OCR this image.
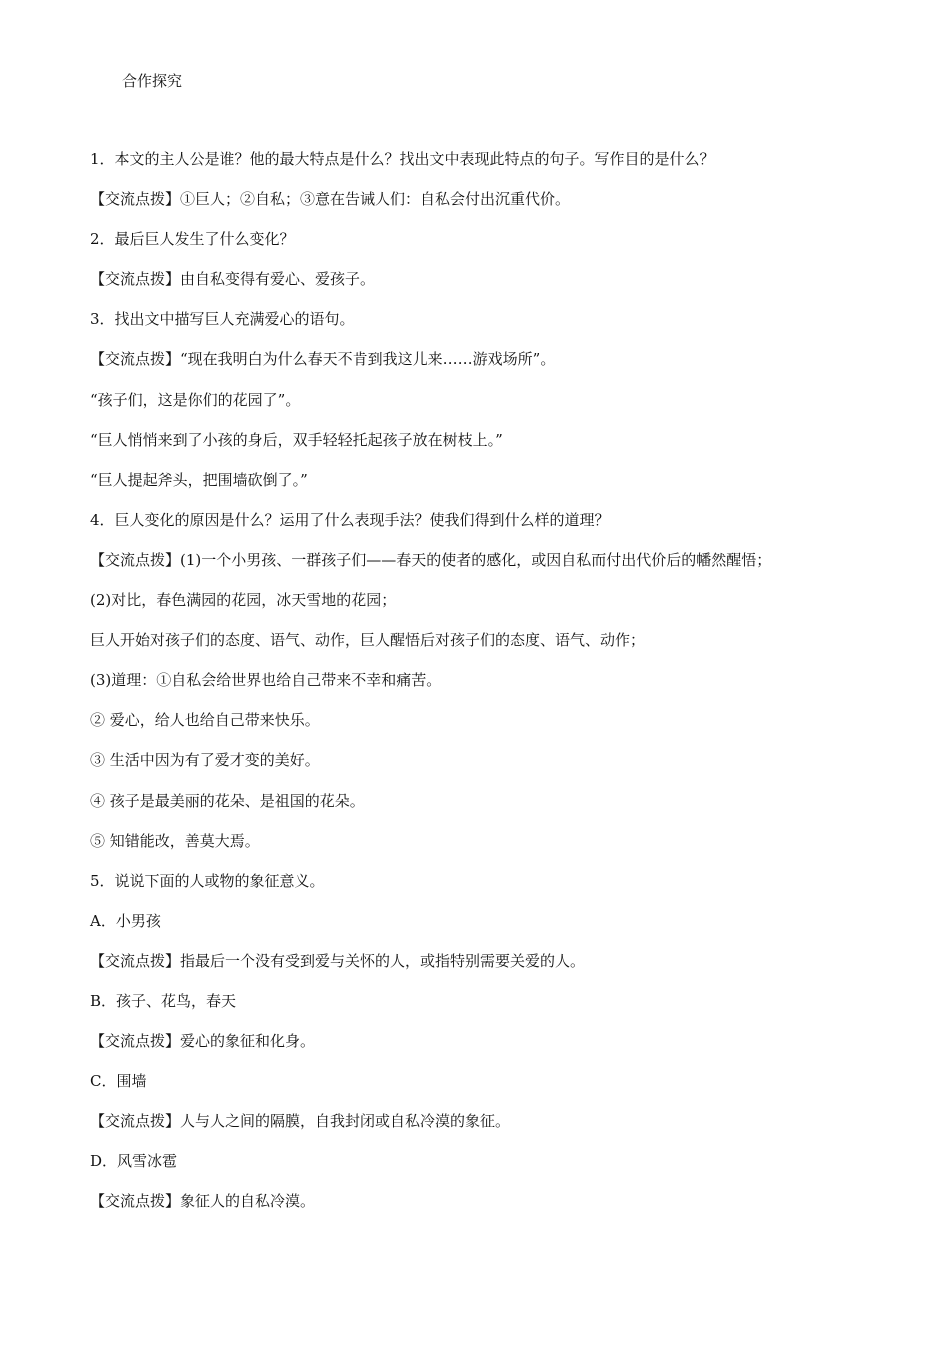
合作探究

1．本文的主人公是谁？他的最大特点是什么？找出文中表现此特点的句子。写作目的是什么？

【交流点拨】①巨人；②自私；③意在告诫人们：自私会付出沉重代价。

2．最后巨人发生了什么变化？

【交流点拨】由自私变得有爱心、爱孩子。

3．找出文中描写巨人充满爱心的语句。

【交流点拨】“现在我明白为什么春天不肯到我这儿来……游戏场所”。

“孩子们，这是你们的花园了”。

“巨人悄悄来到了小孩的身后，双手轻轻托起孩子放在树枝上。”

“巨人提起斧头，把围墙砍倒了。”

4．巨人变化的原因是什么？运用了什么表现手法？使我们得到什么样的道理？

【交流点拨】(1)一个小男孩、一群孩子们——春天的使者的感化，或因自私而付出代价后的幡然醒悟；

(2)对比，春色满园的花园，冰天雪地的花园；

巨人开始对孩子们的态度、语气、动作，巨人醒悟后对孩子们的态度、语气、动作；

(3)道理：①自私会给世界也给自己带来不幸和痛苦。

② 爱心，给人也给自己带来快乐。

③ 生活中因为有了爱才变的美好。

④ 孩子是最美丽的花朵、是祖国的花朵。

⑤ 知错能改，善莫大焉。

5．说说下面的人或物的象征意义。

A．小男孩

【交流点拨】指最后一个没有受到爱与关怀的人，或指特别需要关爱的人。

B．孩子、花鸟，春天

【交流点拨】爱心的象征和化身。

C．围墙

【交流点拨】人与人之间的隔膜，自我封闭或自私冷漠的象征。

D．风雪冰雹

【交流点拨】象征人的自私冷漠。
